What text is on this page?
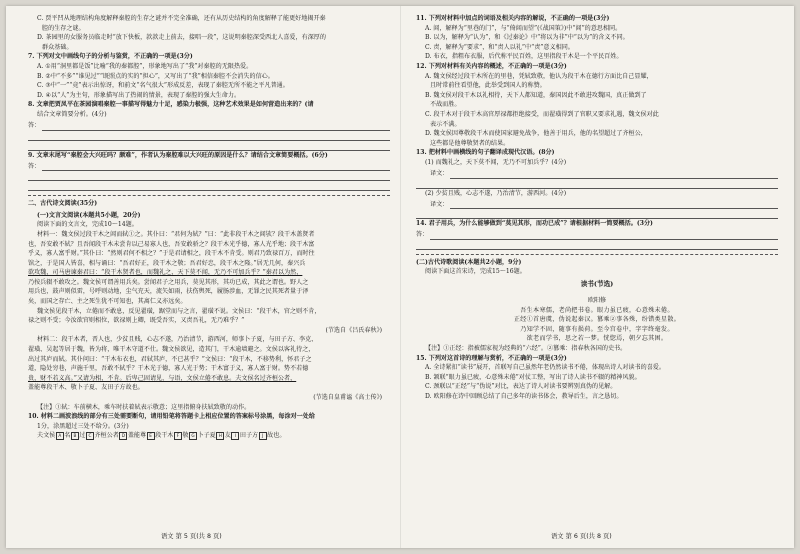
C. 贾平凹从地理结构角度解释秦腔的生存之谜并不完全准确，还有从历史结构的角度解释了能更好地揭开秦

腔的生存之谜。

D. 茶园里的女服务员临走时“放下快板，款款走上前去，接唱一段”，这说明秦腔深受西北人喜爱，有深厚的

群众基础。

7. 下列对文中画线句子的分析与鉴赏，不正确的一项是(3分)

A. ①用“洞里都是饭”比喻“我的秦都腔”，形象地写出了“我”对秦腔的无限热爱。

B. ②中“不多”“谁见过”“既照点的实的”担心”，又写出了“我”相信秦腔不会消失的信心。

C. ③中“一”“竟”表示出惊讶，和前文“名气很大”形成反差，表现了秦腔无所不能之平凡普通。

D. ④以“人”为主句，形象描写出了热闹的情景，表现了秦腔的强大生命力。

8. 文章把贾凤平在茶园演唱秦腔一事描写得魅力十足，感染力极强，这种艺术效果是如何营造出来的？(请

结合文章简要分析。(4分)

答：

9. 文章末尾写“秦腔会大兴旺吗？颇难”，作者认为秦腔难以大兴旺的原因是什么？请结合文章简要概括。(6分)

答：

二、古代诗文阅读(35分)

(一)文言文阅读(本题共5小题，20分)

阅读下面的文言文，完成10～14题。

材料一：魏文侯过段干木之闾而轼①之。其仆曰：“君何为轼？”曰：“此非段干木之闾欤？段干木盖贤者

也，吾安敢不轼？且吾闻段干木未尝肯以己易寡人也，吾安敢骄之？段干木光乎德，寡人光乎地；段干木富

乎义，寡人富乎财。”其仆曰：“然则君何不相之？”于是君请相之，段干木不肯受。则君乃致禄百万，而时往

馆之，于是国人皆喜，相与诵曰：“吾君好正，段干木之敬；吾君好忠，段干木之隆。”居无几何，秦兴兵

欲攻魏，司马唐谏秦君曰：“段干木贤者也，而魏礼之，天下莫不闻，无乃不可加兵乎？”秦君以为然，

乃按兵辍不敢攻之。魏文侯可谓善用兵矣。尝闻君子之用兵，莫见其形，其功已成，其此之谓也。野人之

用兵也，鼓声则似雷，号呼则动地，尘气充天，流矢如雨，扶伤舆死，履肠涉血，无罪之民其死者量于泽

矣，而国之存亡、主之死生犹不可知也，其离仁义亦远矣。

魏文侯见段干木，立倦而不敢息，反见翟璜，踞堂而与之言，翟璜不说。文侯曰：“段干木，官之则不肯，

禄之则不受；今汝欲官则相位，欲禄则上卿，既受吾实，又责吾礼，无乃难乎？”

(节选自《吕氏春秋》)

材料二：段干木者，晋人也，少贫且贱，心志不遂，乃治清节，游西河，师事卜子夏，与田子方、李克、

翟璜、吴起等居于魏，皆为将，唯干木守道不仕。魏文侯欲见，造其门，干木逾墙避之。文侯以客礼待之，

出过其庐而轼。其仆问曰：“干木布衣也，君轼其庐，不已甚乎？”文侯曰：“段干木，不移势利，怀君子之

道，隐处穷巷，声施千里，吾敢不轼乎？干木光于德，寡人光于势；干木富于义，寡人富于财。势不若德

贵，财不若义高。”又请为相，不肯。后卑己固请见，与语，文侯立倦不敢息。夫文侯名过齐桓公者，

盖能尊段干木、敬卜子夏、友田子方故也。

(节选自皇甫谧《高士传》)

【注】①轼：车前横木，乘车时扶着轼表示敬意；这里指俯身扶轼致敬的动作。

10. 材料二画波浪线的部分有三处需要断句，请用铅笔将答题卡上相应位置的答案标号涂黑，每涂对一处给

1分，涂黑超过三处不给分。(3分)

夫文侯 A 名 B 过 C 齐桓公者 D 盖能尊 E 段干木 F 敬 G 卜子夏 H 友 I 田子方 J 故也。
语文 第 5 页(共 8 页)

11. 下列对材料中加点的词语及相关内容的解说，不正确的一项是(3分)

A. 闾，解释为“里巷的门”，与“倚闾而望”(《战国策》)中“闾”的意思相同。

B. 以为，解释为“认为”，和《过秦论》中“将以为非”中“以为”的含义不同。

C. 责，解释为“要求”，和“责人以礼”中“责”意义相同。

D. 布衣，指粗布衣服，后代称平民百姓，这里指段干木是一个平民百姓。

12. 下列对材料有关内容的概述，不正确的一项是(3分)

A. 魏文侯经过段干木所在的里巷，凭轼致敬，他认为段干木在德行方面比自己显耀，

且时常前往看望他，此举受到国人的称赞。

B. 魏文侯对段干木以礼相待，天下人都知道，秦国因此不敢进攻魏国，真正做到了

不战而胜。

C. 段干木对于段干木高官厚禄都拒绝接受，而翟璜得到了官职又要求礼遇，魏文侯对此

表示不满。

D. 魏文侯因尊敬段干木而使国家避免战争，他善于用兵，他的名望超过了齐桓公，

这些都是他尊敬贤者的结果。

13. 把材料中画横线的句子翻译成现代汉语。(8分)

(1) 而魏礼之，天下莫不闻，无乃不可加兵乎？(4分)

译文：

(2) 少贫且贱，心志不遂，乃治清节，游西河。(4分)

译文：

14. 君子用兵，为什么能够做到“莫见其形，而功已成”？请根据材料一简要概括。(3分)

答：

(二)古代诗歌阅读(本题共2小题，9分)

阅读下面这首宋诗，完成15～16题。

读书(节选)

欧阳修

吾生本寒儒，老尚把书卷。眼力虽已疲，心意殊未倦。

正经①首唐虞，伪说起秦汉。篡乘②事各殊，纷错类星散。

乃知学不固，随事有损荷。至今宫卷中，字字终毫发。

欲老而学书，思之若一梦。恍惚焉，朝夕忘其困。

【注】①正经：指被儒家视为经典的“六经”。②篡乘：指春秋各国的史书。

15. 下列对这首诗的理解与赏析，不正确的一项是(3分)

A. 全诗紧扣“读书”展开，首联写自己虽然年老仍然读书不倦，体现出诗人对读书的喜爱。

B. 颔联“眼力虽已疲，心意殊未倦”对仗工整，写出了诗人读书不辍的精神风貌。

C. 颈联以“正经”与“伪说”对比，表达了诗人对读书要辨别真伪的见解。

D. 欧阳修在诗中回顾总结了自己多年的读书体会，教导后生，言之恳切。

语文 第 6 页(共 8 页)
